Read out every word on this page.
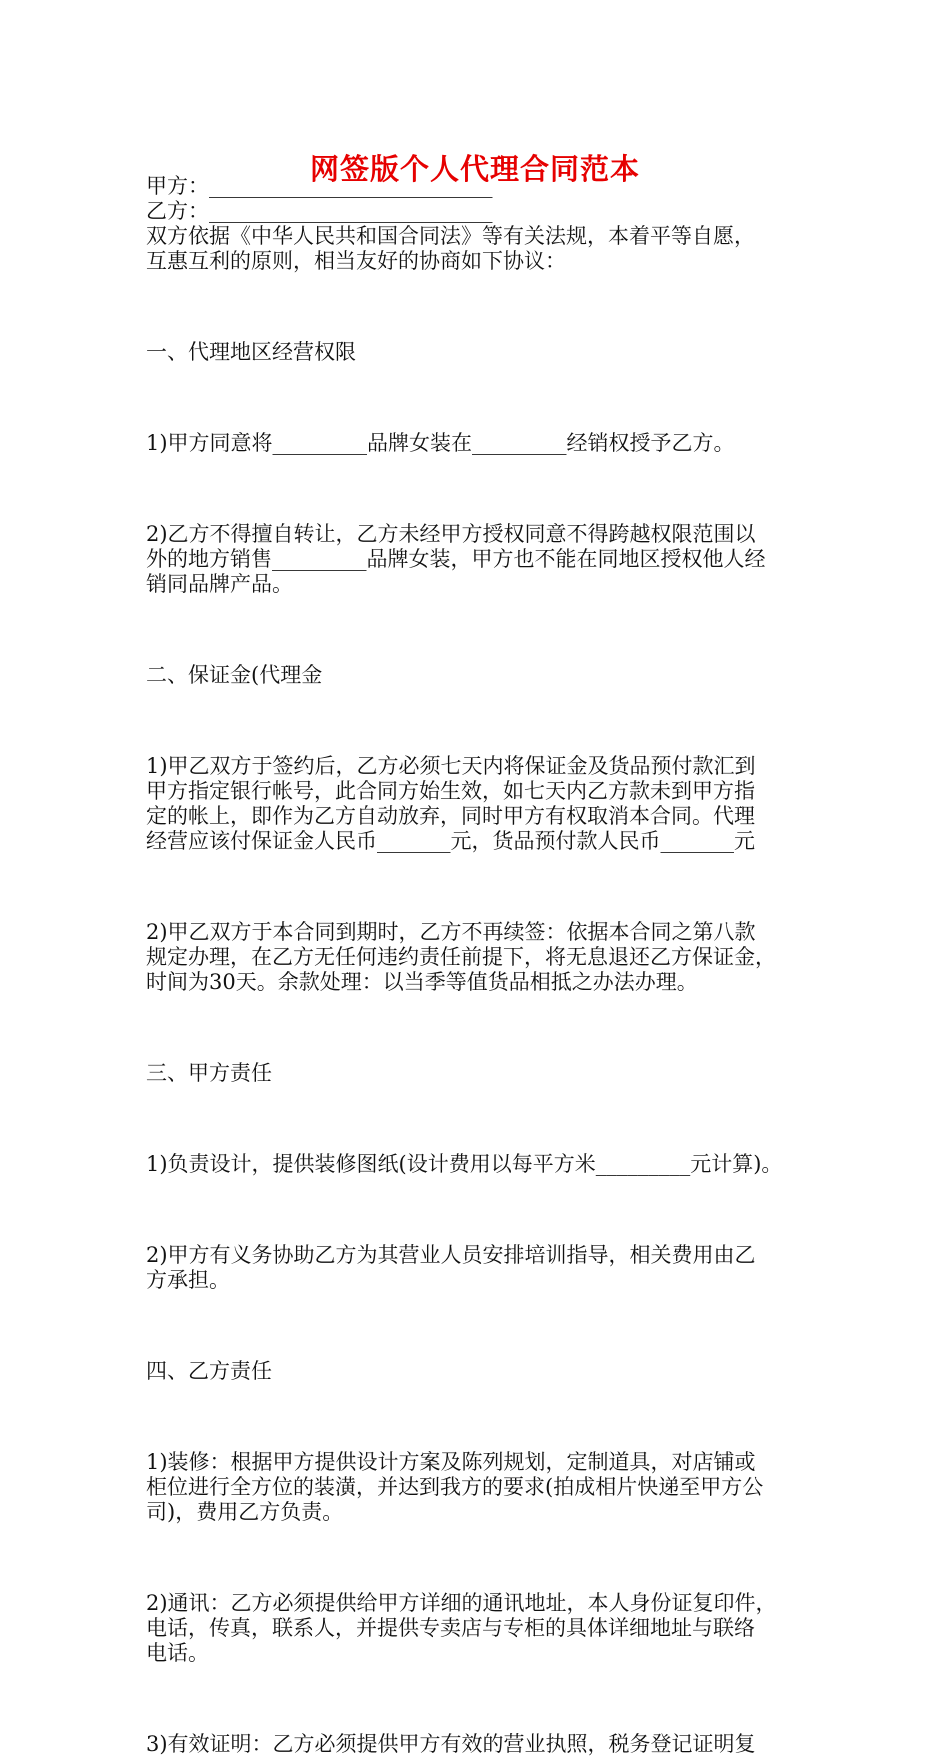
网签版个人代理合同范本

甲方：___________________________

乙方：___________________________

双方依据《中华人民共和国合同法》等有关法规，本着平等自愿，

互惠互利的原则，相当友好的协商如下协议：

一、代理地区经营权限

1)甲方同意将_________品牌女装在_________经销权授予乙方。

2)乙方不得擅自转让，乙方未经甲方授权同意不得跨越权限范围以

外的地方销售_________品牌女装，甲方也不能在同地区授权他人经

销同品牌产品。

二、保证金(代理金

1)甲乙双方于签约后，乙方必须七天内将保证金及货品预付款汇到

甲方指定银行帐号，此合同方始生效，如七天内乙方款未到甲方指

定的帐上，即作为乙方自动放弃，同时甲方有权取消本合同。代理

经营应该付保证金人民币_______元，货品预付款人民币_______元

2)甲乙双方于本合同到期时，乙方不再续签：依据本合同之第八款

规定办理，在乙方无任何违约责任前提下，将无息退还乙方保证金，

时间为30天。余款处理：以当季等值货品相抵之办法办理。

三、甲方责任

1)负责设计，提供装修图纸(设计费用以每平方米_________元计算)。

2)甲方有义务协助乙方为其营业人员安排培训指导，相关费用由乙

方承担。

四、乙方责任

1)装修：根据甲方提供设计方案及陈列规划，定制道具，对店铺或

柜位进行全方位的装潢，并达到我方的要求(拍成相片快递至甲方公

司)，费用乙方负责。

2)通讯：乙方必须提供给甲方详细的通讯地址，本人身份证复印件，

电话，传真，联系人，并提供专卖店与专柜的具体详细地址与联络

电话。

3)有效证明：乙方必须提供甲方有效的营业执照，税务登记证明复
